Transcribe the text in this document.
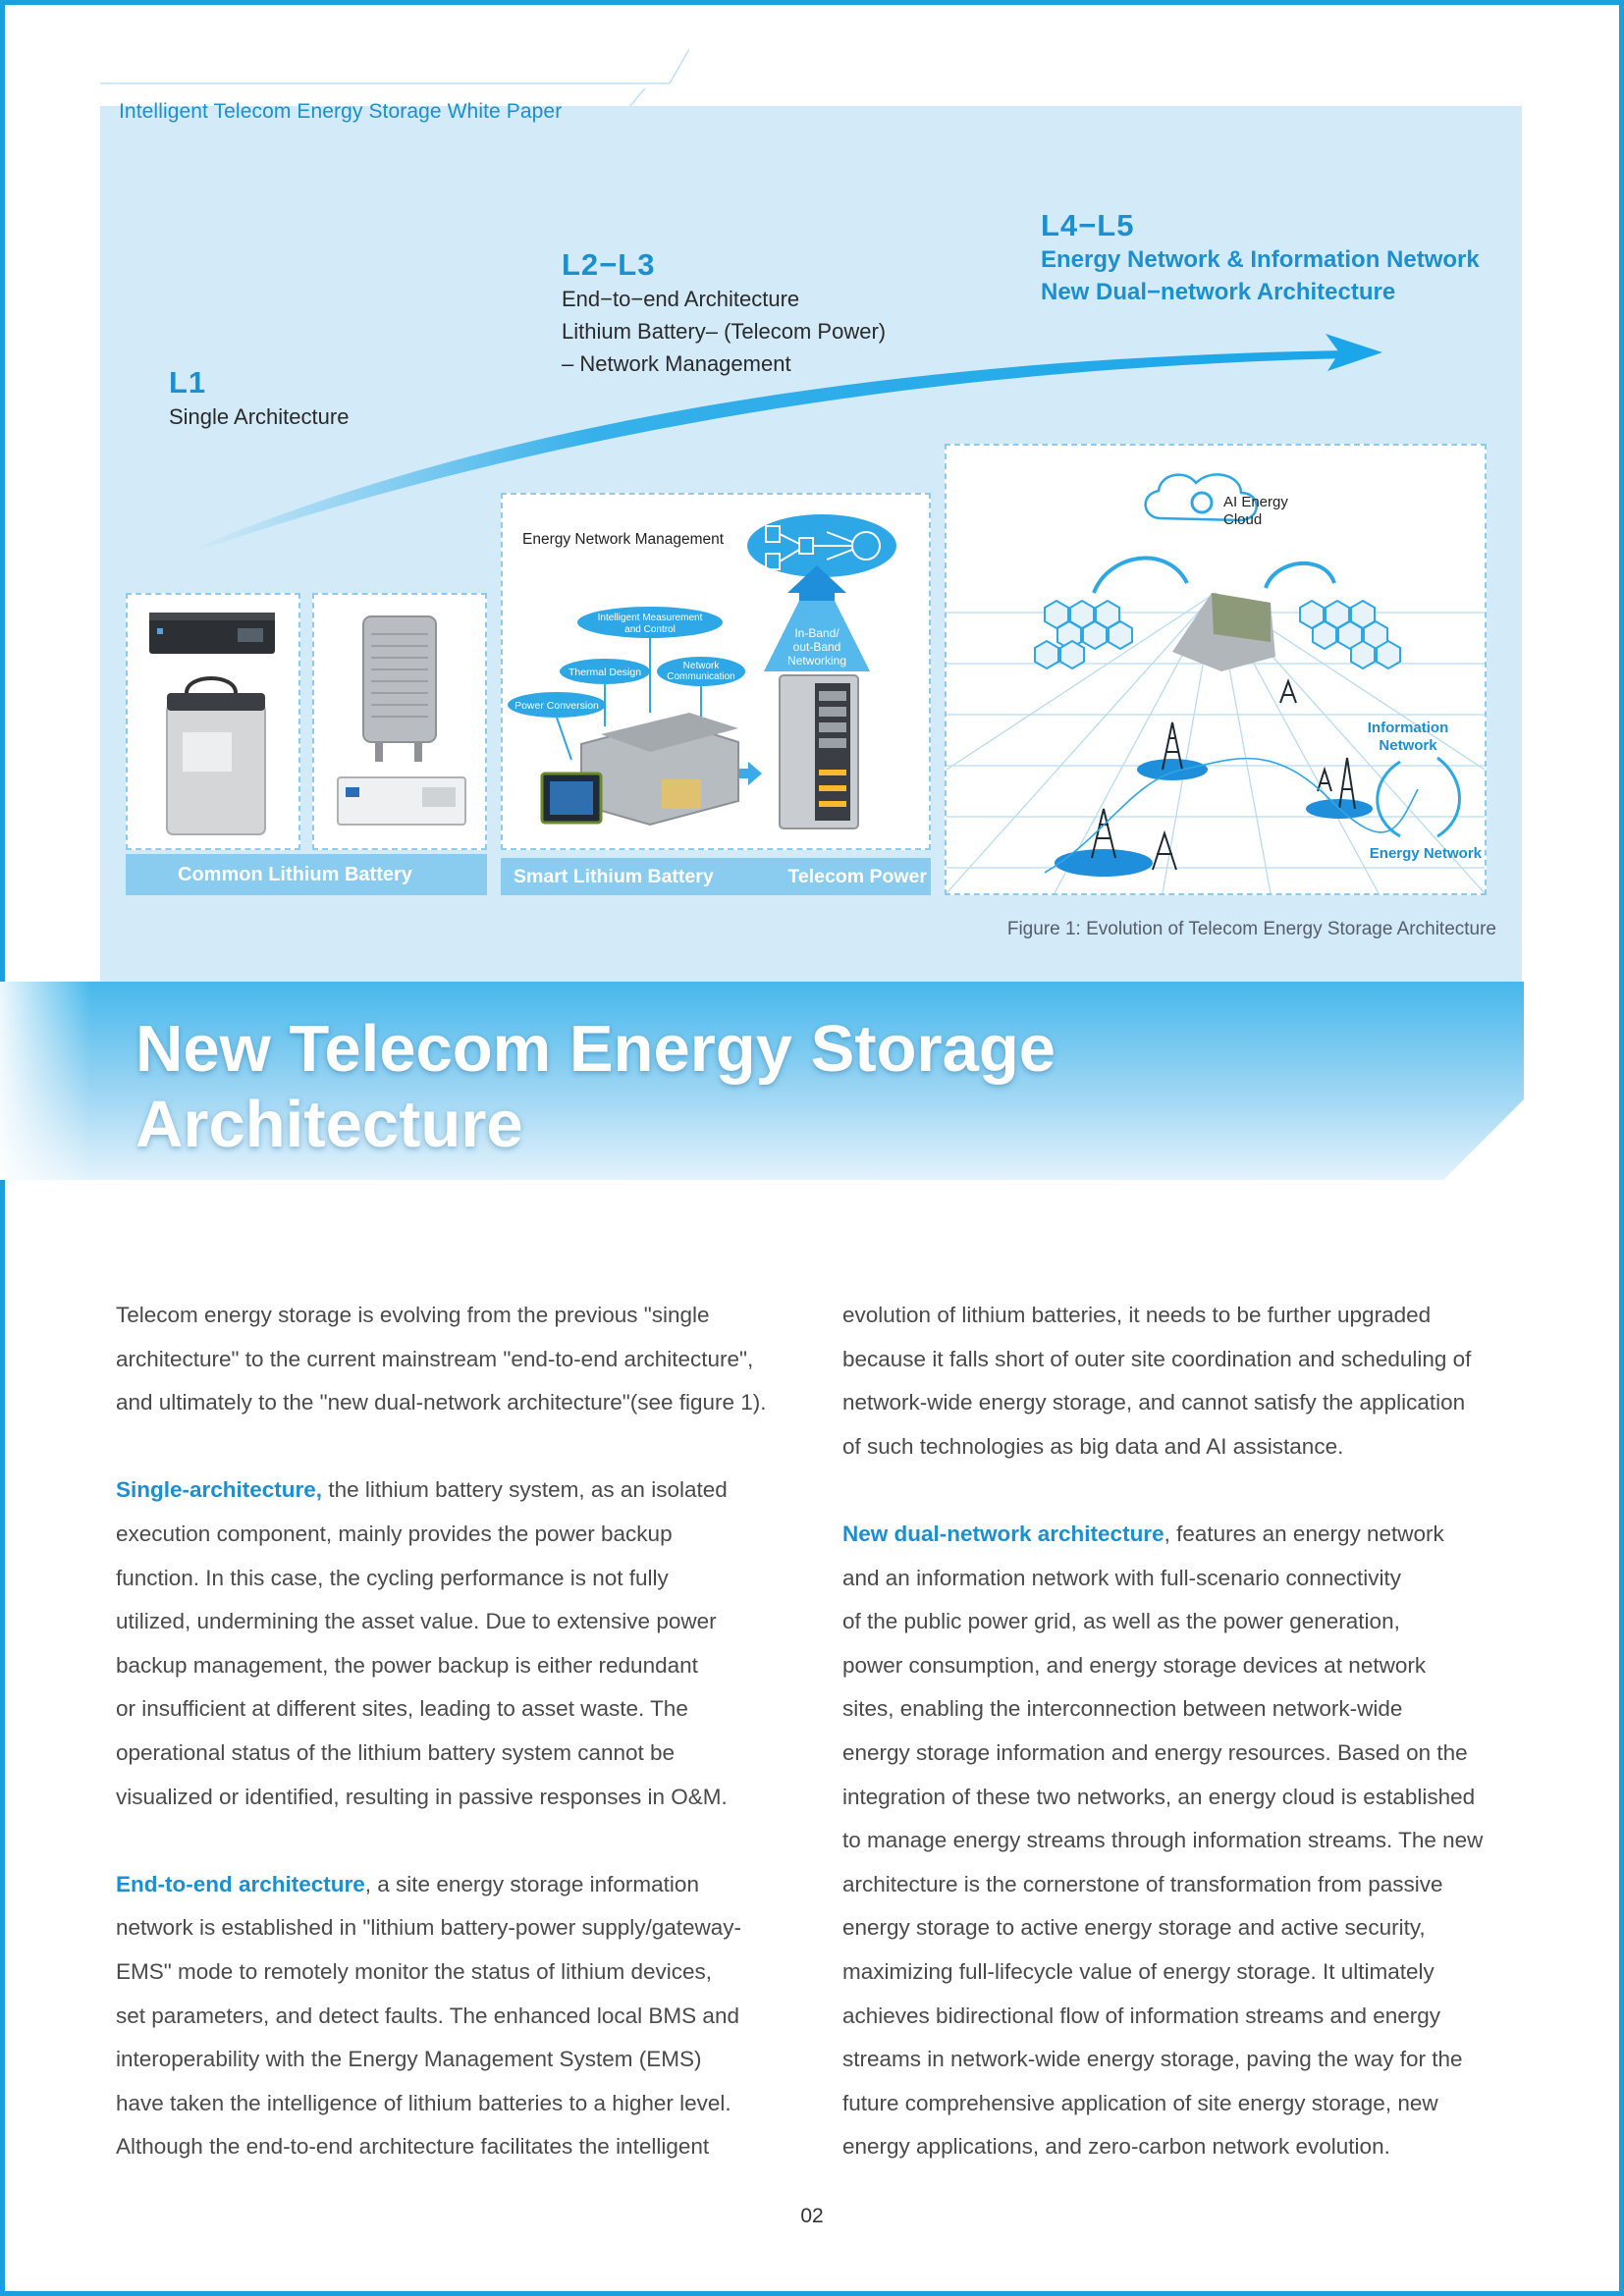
Intelligent Telecom Energy Storage White Paper
L1
Single Architecture
L2−L3
End−to−end Architecture
Lithium Battery– (Telecom Power)
– Network Management
L4−L5
Energy Network & Information Network
New Dual−network Architecture
Common Lithium Battery
Energy Network Management
In-Band/
out-Band
Networking
Intelligent Measurement
and Control
Thermal Design
Network
Communication
Power Conversion
Smart Lithium Battery	Telecom Power
AI Energy
Cloud
Information
Network
Energy Network
Figure 1: Evolution of Telecom Energy Storage Architecture
New Telecom Energy Storage
Architecture
Telecom energy storage is evolving from the previous "single
architecture" to the current mainstream "end-to-end architecture",
and ultimately to the "new dual-network architecture"(see figure 1).
Single-architecture, the lithium battery system, as an isolated
execution component, mainly provides the power backup
function. In this case, the cycling performance is not fully
utilized, undermining the asset value. Due to extensive power
backup management, the power backup is either redundant
or insufficient at different sites, leading to asset waste. The
operational status of the lithium battery system cannot be
visualized or identified, resulting in passive responses in O&M.
End-to-end architecture, a site energy storage information
network is established in "lithium battery-power supply/gateway-
EMS" mode to remotely monitor the status of lithium devices,
set parameters, and detect faults. The enhanced local BMS and
interoperability with the Energy Management System (EMS)
have taken the intelligence of lithium batteries to a higher level.
Although the end-to-end architecture facilitates the intelligent
evolution of lithium batteries, it needs to be further upgraded
because it falls short of outer site coordination and scheduling of
network-wide energy storage, and cannot satisfy the application
of such technologies as big data and AI assistance.
New dual-network architecture, features an energy network
and an information network with full-scenario connectivity
of the public power grid, as well as the power generation,
power consumption, and energy storage devices at network
sites, enabling the interconnection between network-wide
energy storage information and energy resources. Based on the
integration of these two networks, an energy cloud is established
to manage energy streams through information streams. The new
architecture is the cornerstone of transformation from passive
energy storage to active energy storage and active security,
maximizing full-lifecycle value of energy storage. It ultimately
achieves bidirectional flow of information streams and energy
streams in network-wide energy storage, paving the way for the
future comprehensive application of site energy storage, new
energy applications, and zero-carbon network evolution.
02
